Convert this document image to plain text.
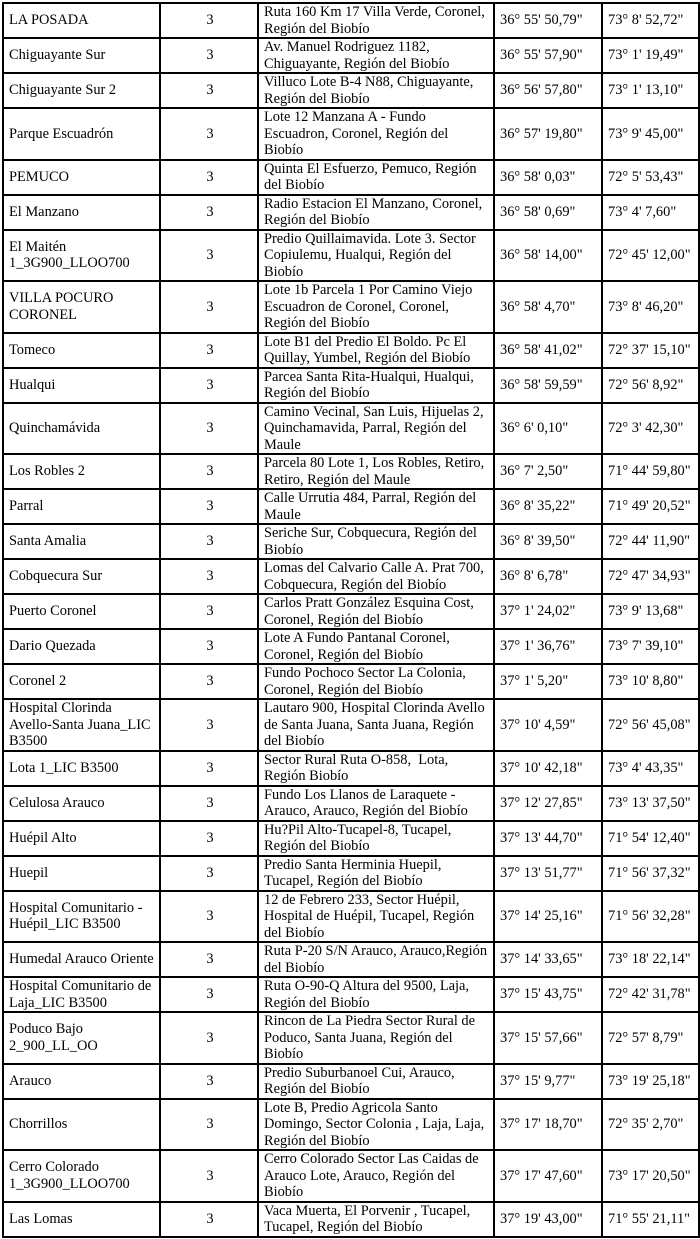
LA POSADA	3	Ruta 160 Km 17 Villa Verde, Coronel, Región del Biobío	36° 55' 50,79"	73° 8' 52,72"
Chiguayante Sur	3	Av. Manuel Rodriguez 1182, Chiguayante, Región del Biobío	36° 55' 57,90"	73° 1' 19,49"
Chiguayante Sur 2	3	Villuco Lote B-4 N88, Chiguayante, Región del Biobío	36° 56' 57,80"	73° 1' 13,10"
Parque Escuadrón	3	Lote 12 Manzana A - Fundo Escuadron, Coronel, Región del Biobío	36° 57' 19,80"	73° 9' 45,00"
PEMUCO	3	Quinta El Esfuerzo, Pemuco, Región del Biobío	36° 58' 0,03"	72° 5' 53,43"
El Manzano	3	Radio Estacion El Manzano, Coronel, Región del Biobío	36° 58' 0,69"	73° 4' 7,60"
El Maitén 1_3G900_LLOO700	3	Predio Quillaimavida. Lote 3. Sector Copiulemu, Hualqui, Región del Biobío	36° 58' 14,00"	72° 45' 12,00"
VILLA POCURO CORONEL	3	Lote 1b Parcela 1 Por Camino Viejo Escuadron de Coronel, Coronel, Región del Biobío	36° 58' 4,70"	73° 8' 46,20"
Tomeco	3	Lote B1 del Predio El Boldo. Pc El Quillay, Yumbel, Región del Biobío	36° 58' 41,02"	72° 37' 15,10"
Hualqui	3	Parcea Santa Rita-Hualqui, Hualqui, Región del Biobío	36° 58' 59,59"	72° 56' 8,92"
Quinchamávida	3	Camino Vecinal, San Luis, Hijuelas 2, Quinchamavida, Parral, Región del Maule	36° 6' 0,10"	72° 3' 42,30"
Los Robles 2	3	Parcela 80 Lote 1, Los Robles, Retiro, Retiro, Región del Maule	36° 7' 2,50"	71° 44' 59,80"
Parral	3	Calle Urrutia 484, Parral, Región del Maule	36° 8' 35,22"	71° 49' 20,52"
Santa Amalia	3	Seriche Sur, Cobquecura, Región del Biobío	36° 8' 39,50"	72° 44' 11,90"
Cobquecura Sur	3	Lomas del Calvario Calle A. Prat 700, Cobquecura, Región del Biobío	36° 8' 6,78"	72° 47' 34,93"
Puerto Coronel	3	Carlos Pratt González Esquina Cost, Coronel, Región del Biobío	37° 1' 24,02"	73° 9' 13,68"
Dario Quezada	3	Lote A Fundo Pantanal Coronel, Coronel, Región del Biobío	37° 1' 36,76"	73° 7' 39,10"
Coronel 2	3	Fundo Pochoco Sector La Colonia, Coronel, Región del Biobío	37° 1' 5,20"	73° 10' 8,80"
Hospital Clorinda Avello-Santa Juana_LIC B3500	3	Lautaro 900, Hospital Clorinda Avello de Santa Juana, Santa Juana, Región del Biobío	37° 10' 4,59"	72° 56' 45,08"
Lota 1_LIC B3500	3	Sector Rural Ruta O-858,  Lota, Región Biobío	37° 10' 42,18"	73° 4' 43,35"
Celulosa Arauco	3	Fundo Los Llanos de Laraquete - Arauco, Arauco, Región del Biobío	37° 12' 27,85"	73° 13' 37,50"
Huépil Alto	3	Hu?Pil Alto-Tucapel-8, Tucapel, Región del Biobío	37° 13' 44,70"	71° 54' 12,40"
Huepil	3	Predio Santa Herminia Huepil, Tucapel, Región del Biobío	37° 13' 51,77"	71° 56' 37,32"
Hospital Comunitario - Huépil_LIC B3500	3	12 de Febrero 233, Sector Huépil, Hospital de Huépil, Tucapel, Región del Biobío	37° 14' 25,16"	71° 56' 32,28"
Humedal Arauco Oriente	3	Ruta P-20 S/N Arauco, Arauco,Región del Biobío	37° 14' 33,65"	73° 18' 22,14"
Hospital Comunitario de Laja_LIC B3500	3	Ruta O-90-Q Altura del 9500, Laja, Región del Biobío	37° 15' 43,75"	72° 42' 31,78"
Poduco Bajo 2_900_LL_OO	3	Rincon de La Piedra Sector Rural de Poduco, Santa Juana, Región del Biobío	37° 15' 57,66"	72° 57' 8,79"
Arauco	3	Predio Suburbanoel Cui, Arauco, Región del Biobío	37° 15' 9,77"	73° 19' 25,18"
Chorrillos	3	Lote B, Predio Agricola Santo Domingo, Sector Colonia , Laja, Laja, Región del Biobío	37° 17' 18,70"	72° 35' 2,70"
Cerro Colorado 1_3G900_LLOO700	3	Cerro Colorado Sector Las Caidas de Arauco Lote, Arauco, Región del Biobío	37° 17' 47,60"	73° 17' 20,50"
Las Lomas	3	Vaca Muerta, El Porvenir , Tucapel, Tucapel, Región del Biobío	37° 19' 43,00"	71° 55' 21,11"
